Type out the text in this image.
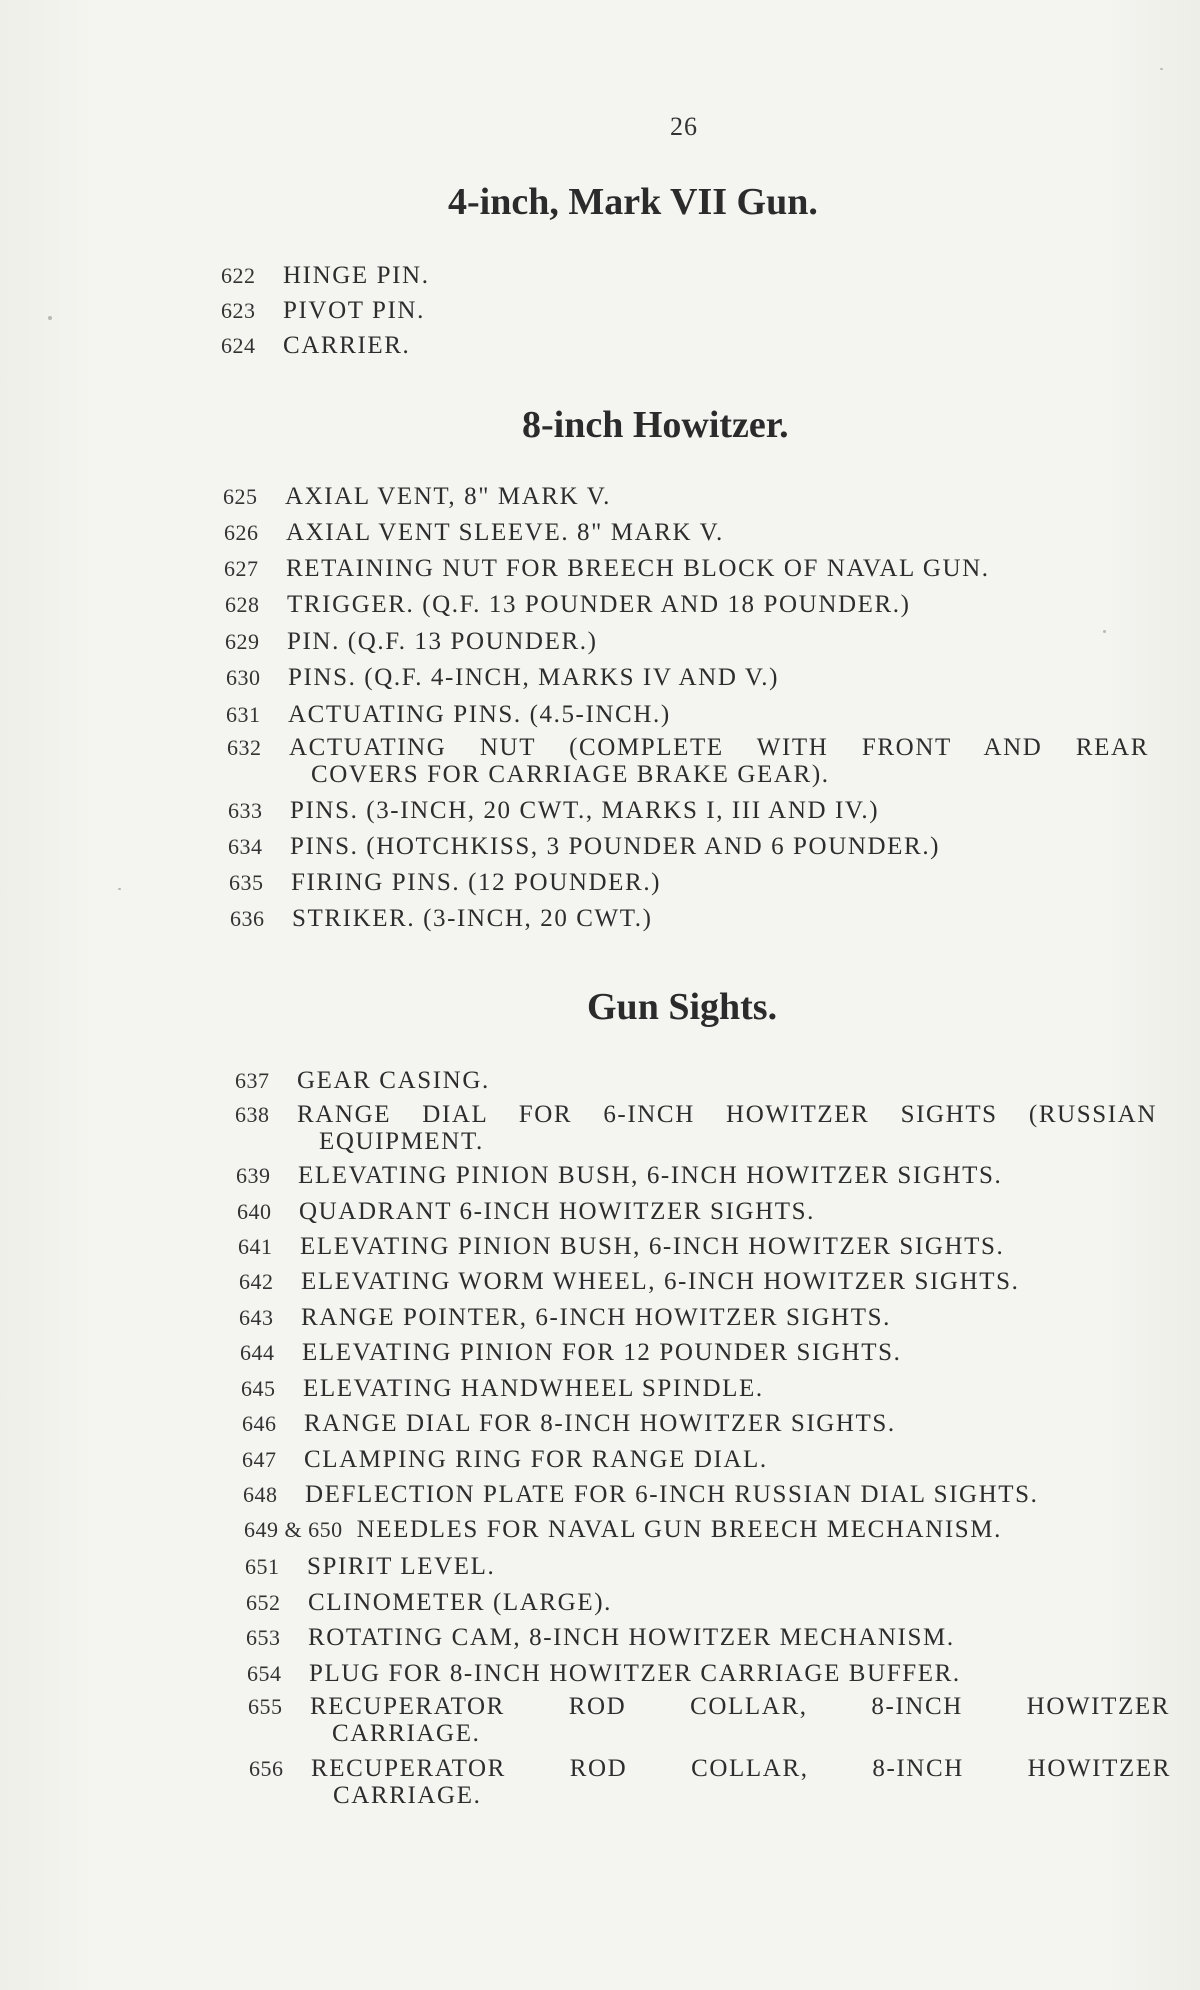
26
4-inch, Mark VII Gun.
622 HINGE PIN.
623 PIVOT PIN.
624 CARRIER.
8-inch Howitzer.
625 AXIAL VENT, 8" MARK V.
626 AXIAL VENT SLEEVE. 8" MARK V.
627 RETAINING NUT FOR BREECH BLOCK OF NAVAL GUN.
628 TRIGGER. (Q.F. 13 POUNDER AND 18 POUNDER.)
629 PIN. (Q.F. 13 POUNDER.)
630 PINS. (Q.F. 4-INCH, MARKS IV AND V.)
631 ACTUATING PINS. (4.5-INCH.)
632 ACTUATING NUT (COMPLETE WITH FRONT AND REAR
COVERS FOR CARRIAGE BRAKE GEAR).
633 PINS. (3-INCH, 20 CWT., MARKS I, III AND IV.)
634 PINS. (HOTCHKISS, 3 POUNDER AND 6 POUNDER.)
635 FIRING PINS. (12 POUNDER.)
636 STRIKER. (3-INCH, 20 CWT.)
Gun Sights.
637 GEAR CASING.
638 RANGE DIAL FOR 6-INCH HOWITZER SIGHTS (RUSSIAN
EQUIPMENT.
639 ELEVATING PINION BUSH, 6-INCH HOWITZER SIGHTS.
640 QUADRANT 6-INCH HOWITZER SIGHTS.
641 ELEVATING PINION BUSH, 6-INCH HOWITZER SIGHTS.
642 ELEVATING WORM WHEEL, 6-INCH HOWITZER SIGHTS.
643 RANGE POINTER, 6-INCH HOWITZER SIGHTS.
644 ELEVATING PINION FOR 12 POUNDER SIGHTS.
645 ELEVATING HANDWHEEL SPINDLE.
646 RANGE DIAL FOR 8-INCH HOWITZER SIGHTS.
647 CLAMPING RING FOR RANGE DIAL.
648 DEFLECTION PLATE FOR 6-INCH RUSSIAN DIAL SIGHTS.
649 & 650 NEEDLES FOR NAVAL GUN BREECH MECHANISM.
651 SPIRIT LEVEL.
652 CLINOMETER (LARGE).
653 ROTATING CAM, 8-INCH HOWITZER MECHANISM.
654 PLUG FOR 8-INCH HOWITZER CARRIAGE BUFFER.
655 RECUPERATOR ROD COLLAR, 8-INCH HOWITZER
CARRIAGE.
656 RECUPERATOR ROD COLLAR, 8-INCH HOWITZER
CARRIAGE.
